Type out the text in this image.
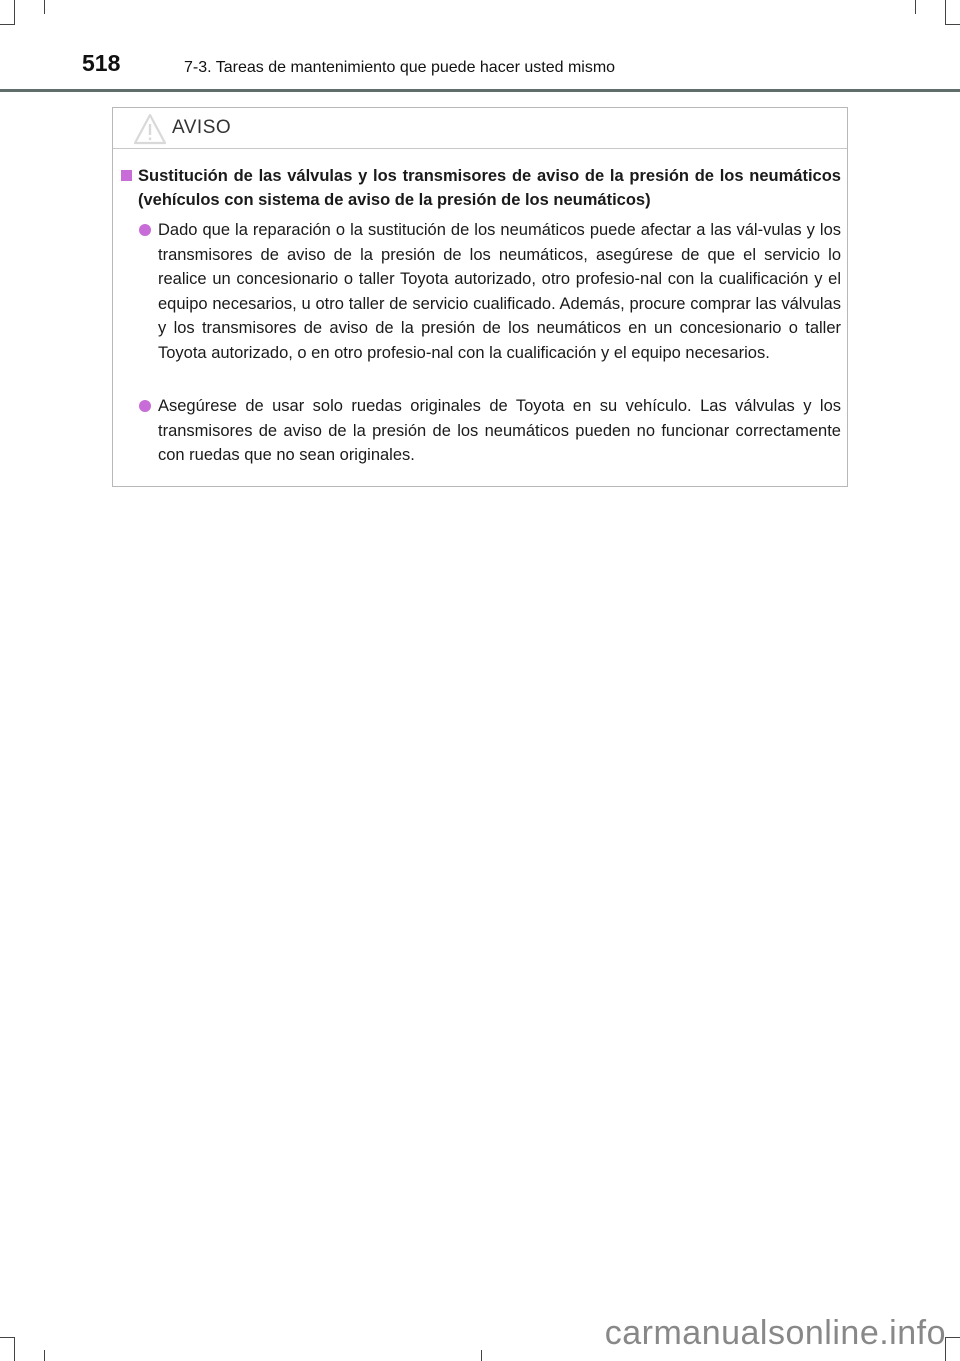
518	7-3. Tareas de mantenimiento que puede hacer usted mismo
AVISO
Sustitución de las válvulas y los transmisores de aviso de la presión de los neumáticos (vehículos con sistema de aviso de la presión de los neumáticos)
Dado que la reparación o la sustitución de los neumáticos puede afectar a las vál-vulas y los transmisores de aviso de la presión de los neumáticos, asegúrese de que el servicio lo realice un concesionario o taller Toyota autorizado, otro profesio-nal con la cualificación y el equipo necesarios, u otro taller de servicio cualificado. Además, procure comprar las válvulas y los transmisores de aviso de la presión de los neumáticos en un concesionario o taller Toyota autorizado, o en otro profesio-nal con la cualificación y el equipo necesarios.
Asegúrese de usar solo ruedas originales de Toyota en su vehículo. Las válvulas y los transmisores de aviso de la presión de los neumáticos pueden no funcionar correctamente con ruedas que no sean originales.
carmanualsonline.info
